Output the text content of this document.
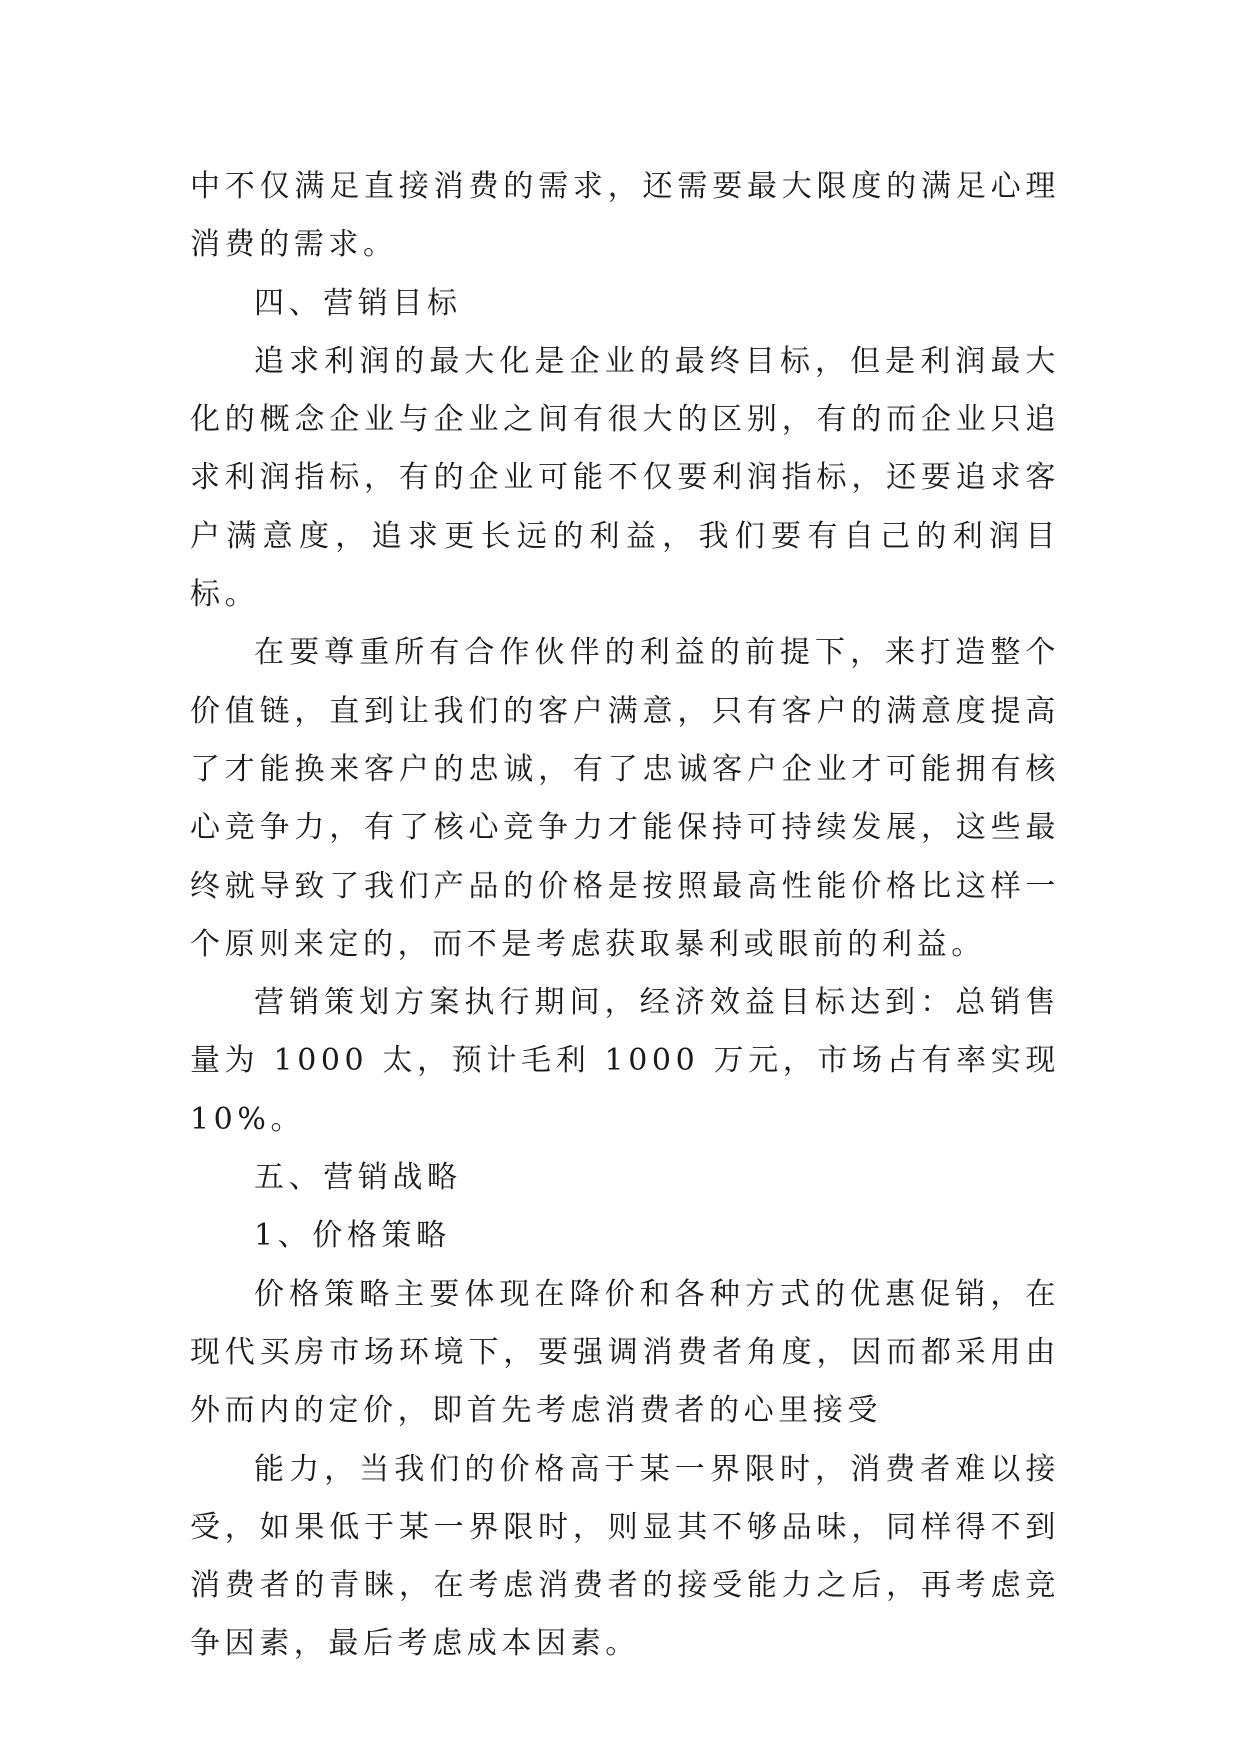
中不仅满足直接消费的需求，还需要最大限度的满足心理消费的需求。

四、营销目标

追求利润的最大化是企业的最终目标，但是利润最大化的概念企业与企业之间有很大的区别，有的而企业只追求利润指标，有的企业可能不仅要利润指标，还要追求客户满意度，追求更长远的利益，我们要有自己的利润目标。

在要尊重所有合作伙伴的利益的前提下，来打造整个价值链，直到让我们的客户满意，只有客户的满意度提高了才能换来客户的忠诚，有了忠诚客户企业才可能拥有核心竞争力，有了核心竞争力才能保持可持续发展，这些最终就导致了我们产品的价格是按照最高性能价格比这样一个原则来定的，而不是考虑获取暴利或眼前的利益。

营销策划方案执行期间，经济效益目标达到：总销售量为 1000 太，预计毛利 1000 万元，市场占有率实现 10%。

五、营销战略

1、价格策略

价格策略主要体现在降价和各种方式的优惠促销，在现代买房市场环境下，要强调消费者角度，因而都采用由外而内的定价，即首先考虑消费者的心里接受

能力，当我们的价格高于某一界限时，消费者难以接受，如果低于某一界限时，则显其不够品味，同样得不到消费者的青睐，在考虑消费者的接受能力之后，再考虑竞争因素，最后考虑成本因素。
